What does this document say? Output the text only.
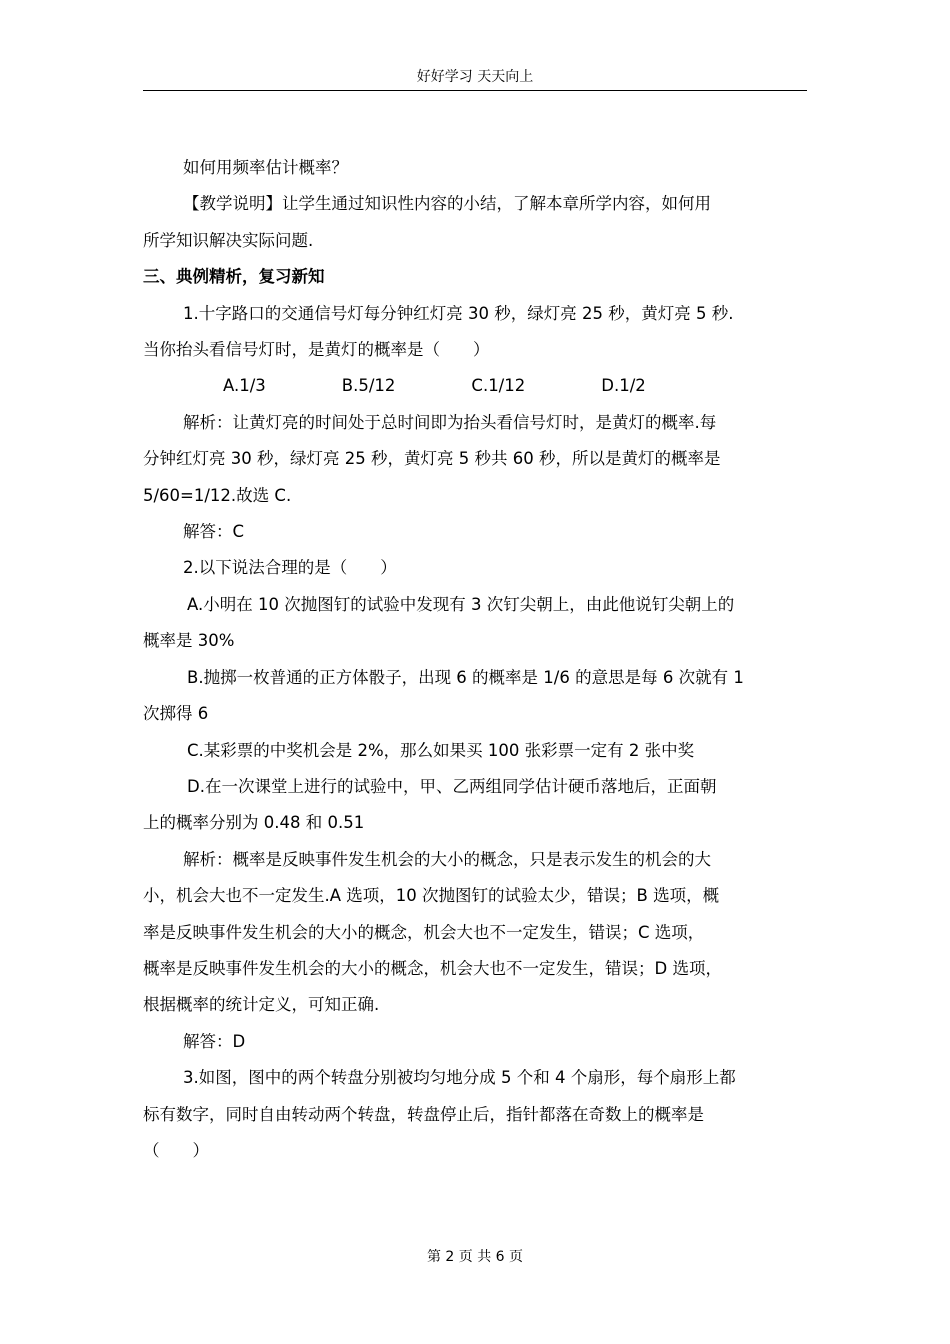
好好学习 天天向上

如何用频率估计概率？

【教学说明】让学生通过知识性内容的小结，了解本章所学内容，如何用

所学知识解决实际问题.

三、典例精析，复习新知

1.十字路口的交通信号灯每分钟红灯亮 30 秒，绿灯亮 25 秒，黄灯亮 5 秒.

当你抬头看信号灯时，是黄灯的概率是（　　）

A.1/3	B.5/12	C.1/12	D.1/2

解析：让黄灯亮的时间处于总时间即为抬头看信号灯时，是黄灯的概率.每

分钟红灯亮 30 秒，绿灯亮 25 秒，黄灯亮 5 秒共 60 秒，所以是黄灯的概率是

5/60=1/12.故选 C.

解答：C

2.以下说法合理的是（　　）

A.小明在 10 次抛图钉的试验中发现有 3 次钉尖朝上，由此他说钉尖朝上的

概率是 30%

B.抛掷一枚普通的正方体骰子，出现 6 的概率是 1/6 的意思是每 6 次就有 1

次掷得 6

C.某彩票的中奖机会是 2%，那么如果买 100 张彩票一定有 2 张中奖

D.在一次课堂上进行的试验中，甲、乙两组同学估计硬币落地后，正面朝

上的概率分别为 0.48 和 0.51

解析：概率是反映事件发生机会的大小的概念，只是表示发生的机会的大

小，机会大也不一定发生.A 选项，10 次抛图钉的试验太少，错误；B 选项，概

率是反映事件发生机会的大小的概念，机会大也不一定发生，错误；C 选项，

概率是反映事件发生机会的大小的概念，机会大也不一定发生，错误；D 选项，

根据概率的统计定义，可知正确.

解答：D

3.如图，图中的两个转盘分别被均匀地分成 5 个和 4 个扇形，每个扇形上都

标有数字，同时自由转动两个转盘，转盘停止后，指针都落在奇数上的概率是

（　　）

第 2 页 共 6 页
